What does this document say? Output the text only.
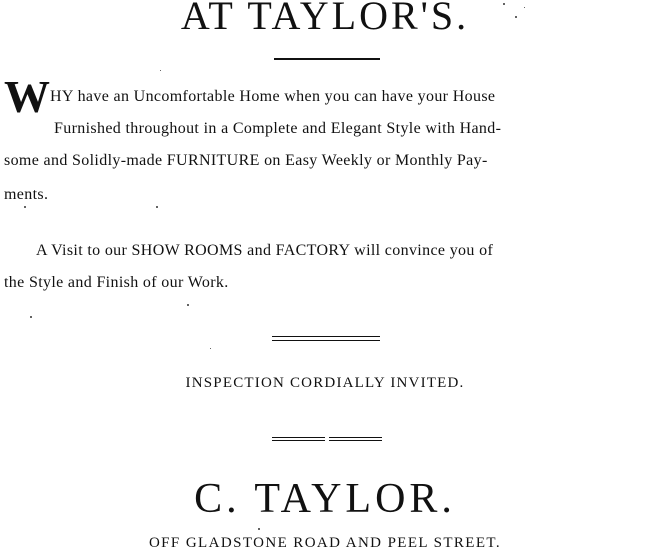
AT TAYLOR'S.
W HY have an Uncomfortable Home when you can have your House
Furnished throughout in a Complete and Elegant Style with Hand-
some and Solidly-made FURNITURE on Easy Weekly or Monthly Pay-
ments.
A Visit to our SHOW ROOMS and FACTORY will convince you of
the Style and Finish of our Work.
INSPECTION CORDIALLY INVITED.
C. TAYLOR.
OFF GLADSTONE ROAD AND PEEL STREET.
